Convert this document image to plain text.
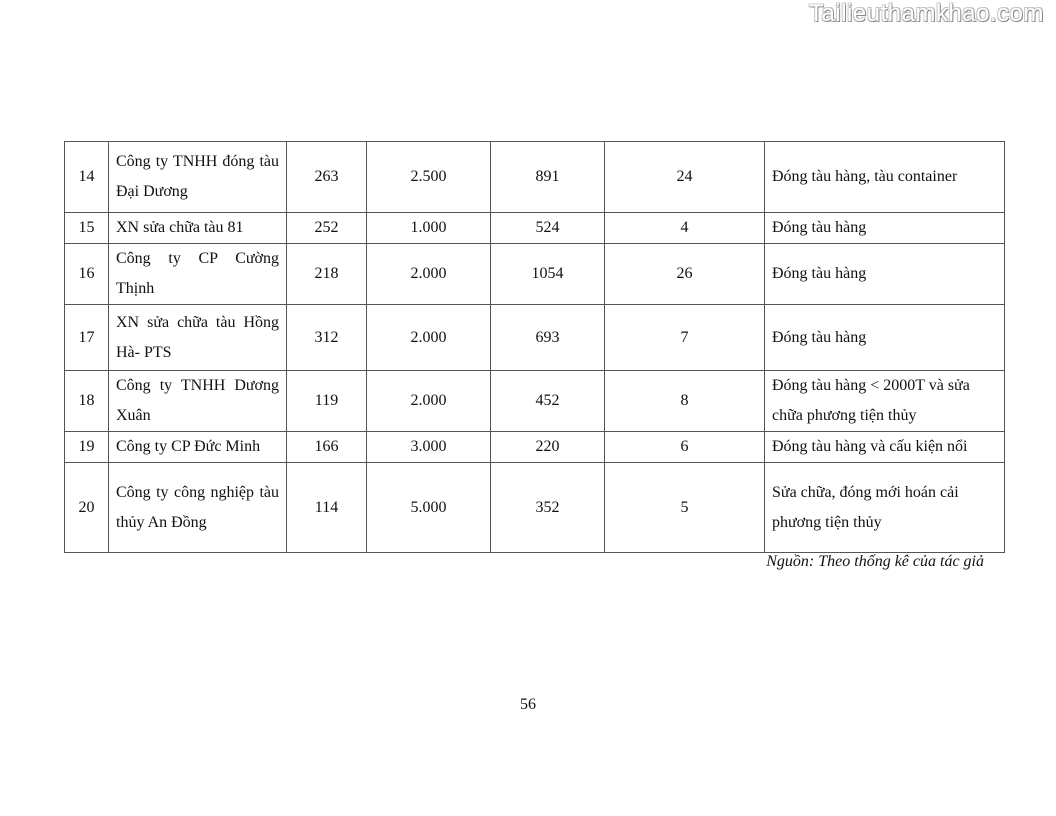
Tailieuthamkhao.com
14	Công ty TNHH đóng tàu Đại Dương	263	2.500	891	24	Đóng tàu hàng, tàu container
15	XN sửa chữa tàu 81	252	1.000	524	4	Đóng tàu hàng
16	Công ty CP Cường Thịnh	218	2.000	1054	26	Đóng tàu hàng
17	XN sửa chữa tàu Hồng Hà- PTS	312	2.000	693	7	Đóng tàu hàng
18	Công ty TNHH Dương Xuân	119	2.000	452	8	Đóng tàu hàng < 2000T và sửa chữa phương tiện thủy
19	Công ty CP Đức Minh	166	3.000	220	6	Đóng tàu hàng và cấu kiện nổi
20	Công ty công nghiệp tàu thủy An Đồng	114	5.000	352	5	Sửa chữa, đóng mới hoán cải phương tiện thủy
Nguồn: Theo thống kê của tác giả
56
